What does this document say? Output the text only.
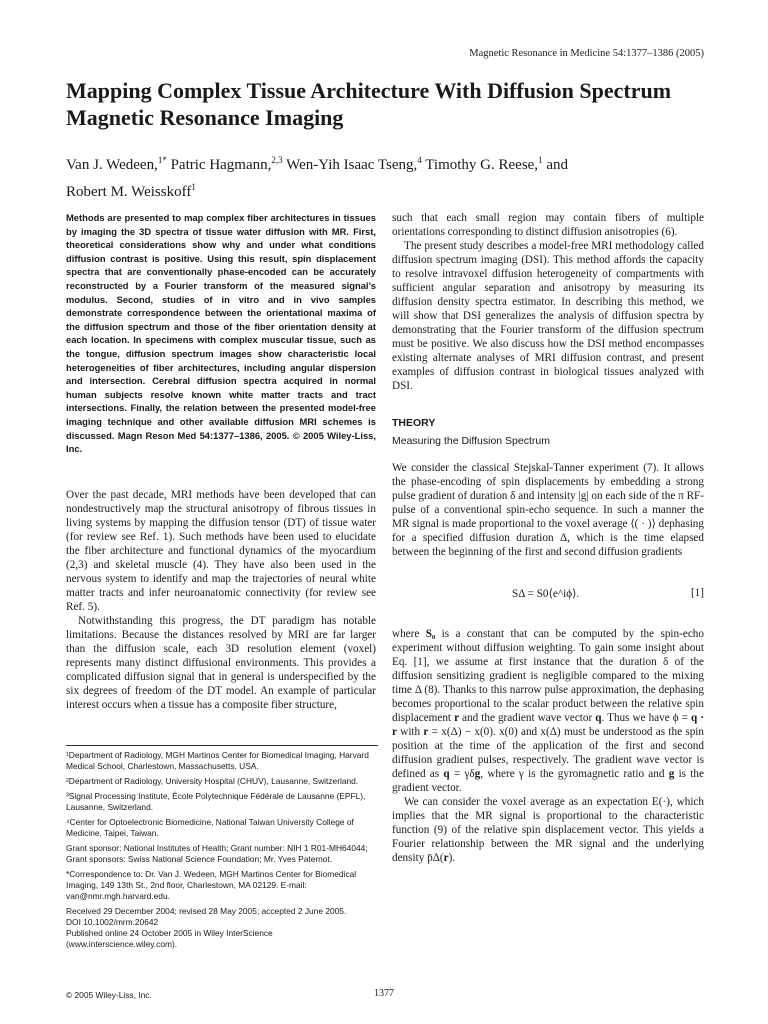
Magnetic Resonance in Medicine 54:1377–1386 (2005)
Mapping Complex Tissue Architecture With Diffusion Spectrum Magnetic Resonance Imaging
Van J. Wedeen,$^{1*}$ Patric Hagmann,$^{2,3}$ Wen-Yih Isaac Tseng,$^4$ Timothy G. Reese,$^1$ and
Robert M. Weisskoff$^1$

Methods are presented to map complex fiber architectures in tissues by imaging the 3D spectra of tissue water diffusion with MR. First, theoretical considerations show why and under what conditions diffusion contrast is positive. Using this result, spin displacement spectra that are conventionally phase-encoded can be accurately reconstructed by a Fourier transform of the measured signal’s modulus. Second, studies of in vitro and in vivo samples demonstrate correspondence between the orientational maxima of the diffusion spectrum and those of the fiber orientation density at each location. In specimens with complex muscular tissue, such as the tongue, diffusion spectrum images show characteristic local heterogeneities of fiber architectures, including angular dispersion and intersection. Cerebral diffusion spectra acquired in normal human subjects resolve known white matter tracts and tract intersections. Finally, the relation between the presented model-free imaging technique and other available diffusion MRI schemes is discussed. Magn Reson Med 54:1377–1386, 2005. © 2005 Wiley-Liss, Inc.

Over the past decade, MRI methods have been developed that can nondestructively map the structural anisotropy of fibrous tissues in living systems by mapping the diffusion tensor (DT) of tissue water (for review see Ref. 1). Such methods have been used to elucidate the fiber architecture and functional dynamics of the myocardium (2,3) and skeletal muscle (4). They have also been used in the nervous system to identify and map the trajectories of neural white matter tracts and infer neuroanatomic connectivity (for review see Ref. 5).

Notwithstanding this progress, the DT paradigm has notable limitations. Because the distances resolved by MRI are far larger than the diffusion scale, each 3D resolution element (voxel) represents many distinct diffusional environments. This provides a complicated diffusion signal that in general is underspecified by the six degrees of freedom of the DT model. An example of particular interest occurs when a tissue has a composite fiber structure,

¹Department of Radiology, MGH Martinos Center for Biomedical Imaging, Harvard Medical School, Charlestown, Massachusetts, USA.

²Department of Radiology, University Hospital (CHUV), Lausanne, Switzerland.

³Signal Processing Institute, École Polytechnique Fédérale de Lausanne (EPFL), Lausanne, Switzerland.

⁴Center for Optoelectronic Biomedicine, National Taiwan University College of Medicine, Taipei, Taiwan.

Grant sponsor: National Institutes of Health; Grant number: NIH 1 R01-MH64044; Grant sponsors: Swiss National Science Foundation; Mr. Yves Paternot.

*Correspondence to: Dr. Van J. Wedeen, MGH Martinos Center for Biomedical Imaging, 149 13th St., 2nd floor, Charlestown, MA 02129. E-mail: van@nmr.mgh.harvard.edu.

Received 29 December 2004; revised 28 May 2005; accepted 2 June 2005.

DOI 10.1002/mrm.20642

Published online 24 October 2005 in Wiley InterScience (www.interscience.wiley.com).

© 2005 Wiley-Liss, Inc.	1377

such that each small region may contain fibers of multiple orientations corresponding to distinct diffusion anisotropies (6).

The present study describes a model-free MRI methodology called diffusion spectrum imaging (DSI). This method affords the capacity to resolve intravoxel diffusion heterogeneity of compartments with sufficient angular separation and anisotropy by measuring its diffusion density spectra estimator. In describing this method, we will show that DSI generalizes the analysis of diffusion spectra by demonstrating that the Fourier transform of the diffusion spectrum must be positive. We also discuss how the DSI method encompasses existing alternate analyses of MRI diffusion contrast, and present examples of diffusion contrast in biological tissues analyzed with DSI.

THEORY
Measuring the Diffusion Spectrum

We consider the classical Stejskal-Tanner experiment (7). It allows the phase-encoding of spin displacements by embedding a strong pulse gradient of duration δ and intensity |g| on each side of the π RF-pulse of a conventional spin-echo sequence. In such a manner the MR signal is made proportional to the voxel average ⟨( · )⟩ dephasing for a specified diffusion duration Δ, which is the time elapsed between the beginning of the first and second diffusion gradients

SΔ = S0⟨e^iϕ⟩.	[1]

where S₀ is a constant that can be computed by the spin-echo experiment without diffusion weighting. To gain some insight about Eq. [1], we assume at first instance that the duration δ of the diffusion sensitizing gradient is negligible compared to the mixing time Δ (8). Thanks to this narrow pulse approximation, the dephasing becomes proportional to the scalar product between the relative spin displacement r and the gradient wave vector q. Thus we have ϕ = q · r with r = x(Δ) − x(0). x(0) and x(Δ) must be understood as the spin position at the time of the application of the first and second diffusion gradient pulses, respectively. The gradient wave vector is defined as q = γδg, where γ is the gyromagnetic ratio and g is the gradient vector.

We can consider the voxel average as an expectation E(·), which implies that the MR signal is proportional to the characteristic function (9) of the relative spin displacement vector. This yields a Fourier relationship between the MR signal and the underlying density p̄Δ(r).
